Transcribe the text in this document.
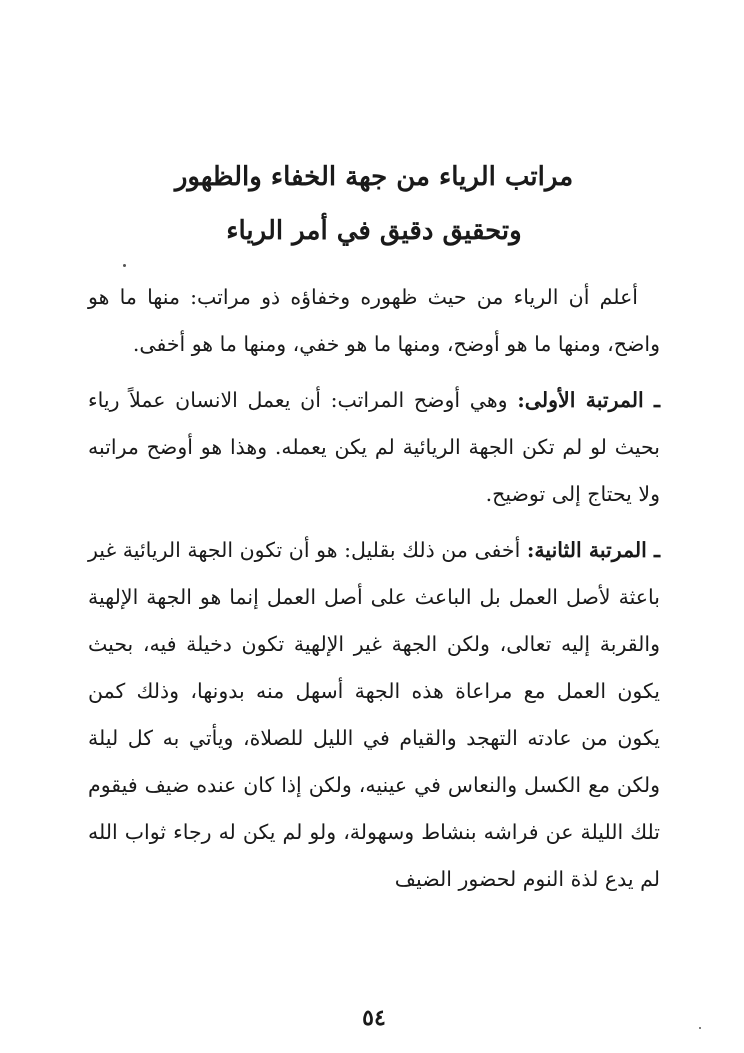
مراتب الرياء من جهة الخفاء والظهور
وتحقيق دقيق في أمر الرياء

أعلم أن الرياء من حيث ظهوره وخفاؤه ذو مراتب: منها ما هو واضح، ومنها ما هو أوضح، ومنها ما هو خفي، ومنها ما هو أخفى.

ـ المرتبة الأولى: وهي أوضح المراتب: أن يعمل الانسان عملاً رياء بحيث لو لم تكن الجهة الريائية لم يكن يعمله. وهذا هو أوضح مراتبه ولا يحتاج إلى توضيح.

ـ المرتبة الثانية: أخفى من ذلك بقليل: هو أن تكون الجهة الريائية غير باعثة لأصل العمل بل الباعث على أصل العمل إنما هو الجهة الإلهية والقربة إليه تعالى، ولكن الجهة غير الإلهية تكون دخيلة فيه، بحيث يكون العمل مع مراعاة هذه الجهة أسهل منه بدونها، وذلك كمن يكون من عادته التهجد والقيام في الليل للصلاة، ويأتي به كل ليلة ولكن مع الكسل والنعاس في عينيه، ولكن إذا كان عنده ضيف فيقوم تلك الليلة عن فراشه بنشاط وسهولة، ولو لم يكن له رجاء ثواب الله لم يدع لذة النوم لحضور الضيف

٥٤
